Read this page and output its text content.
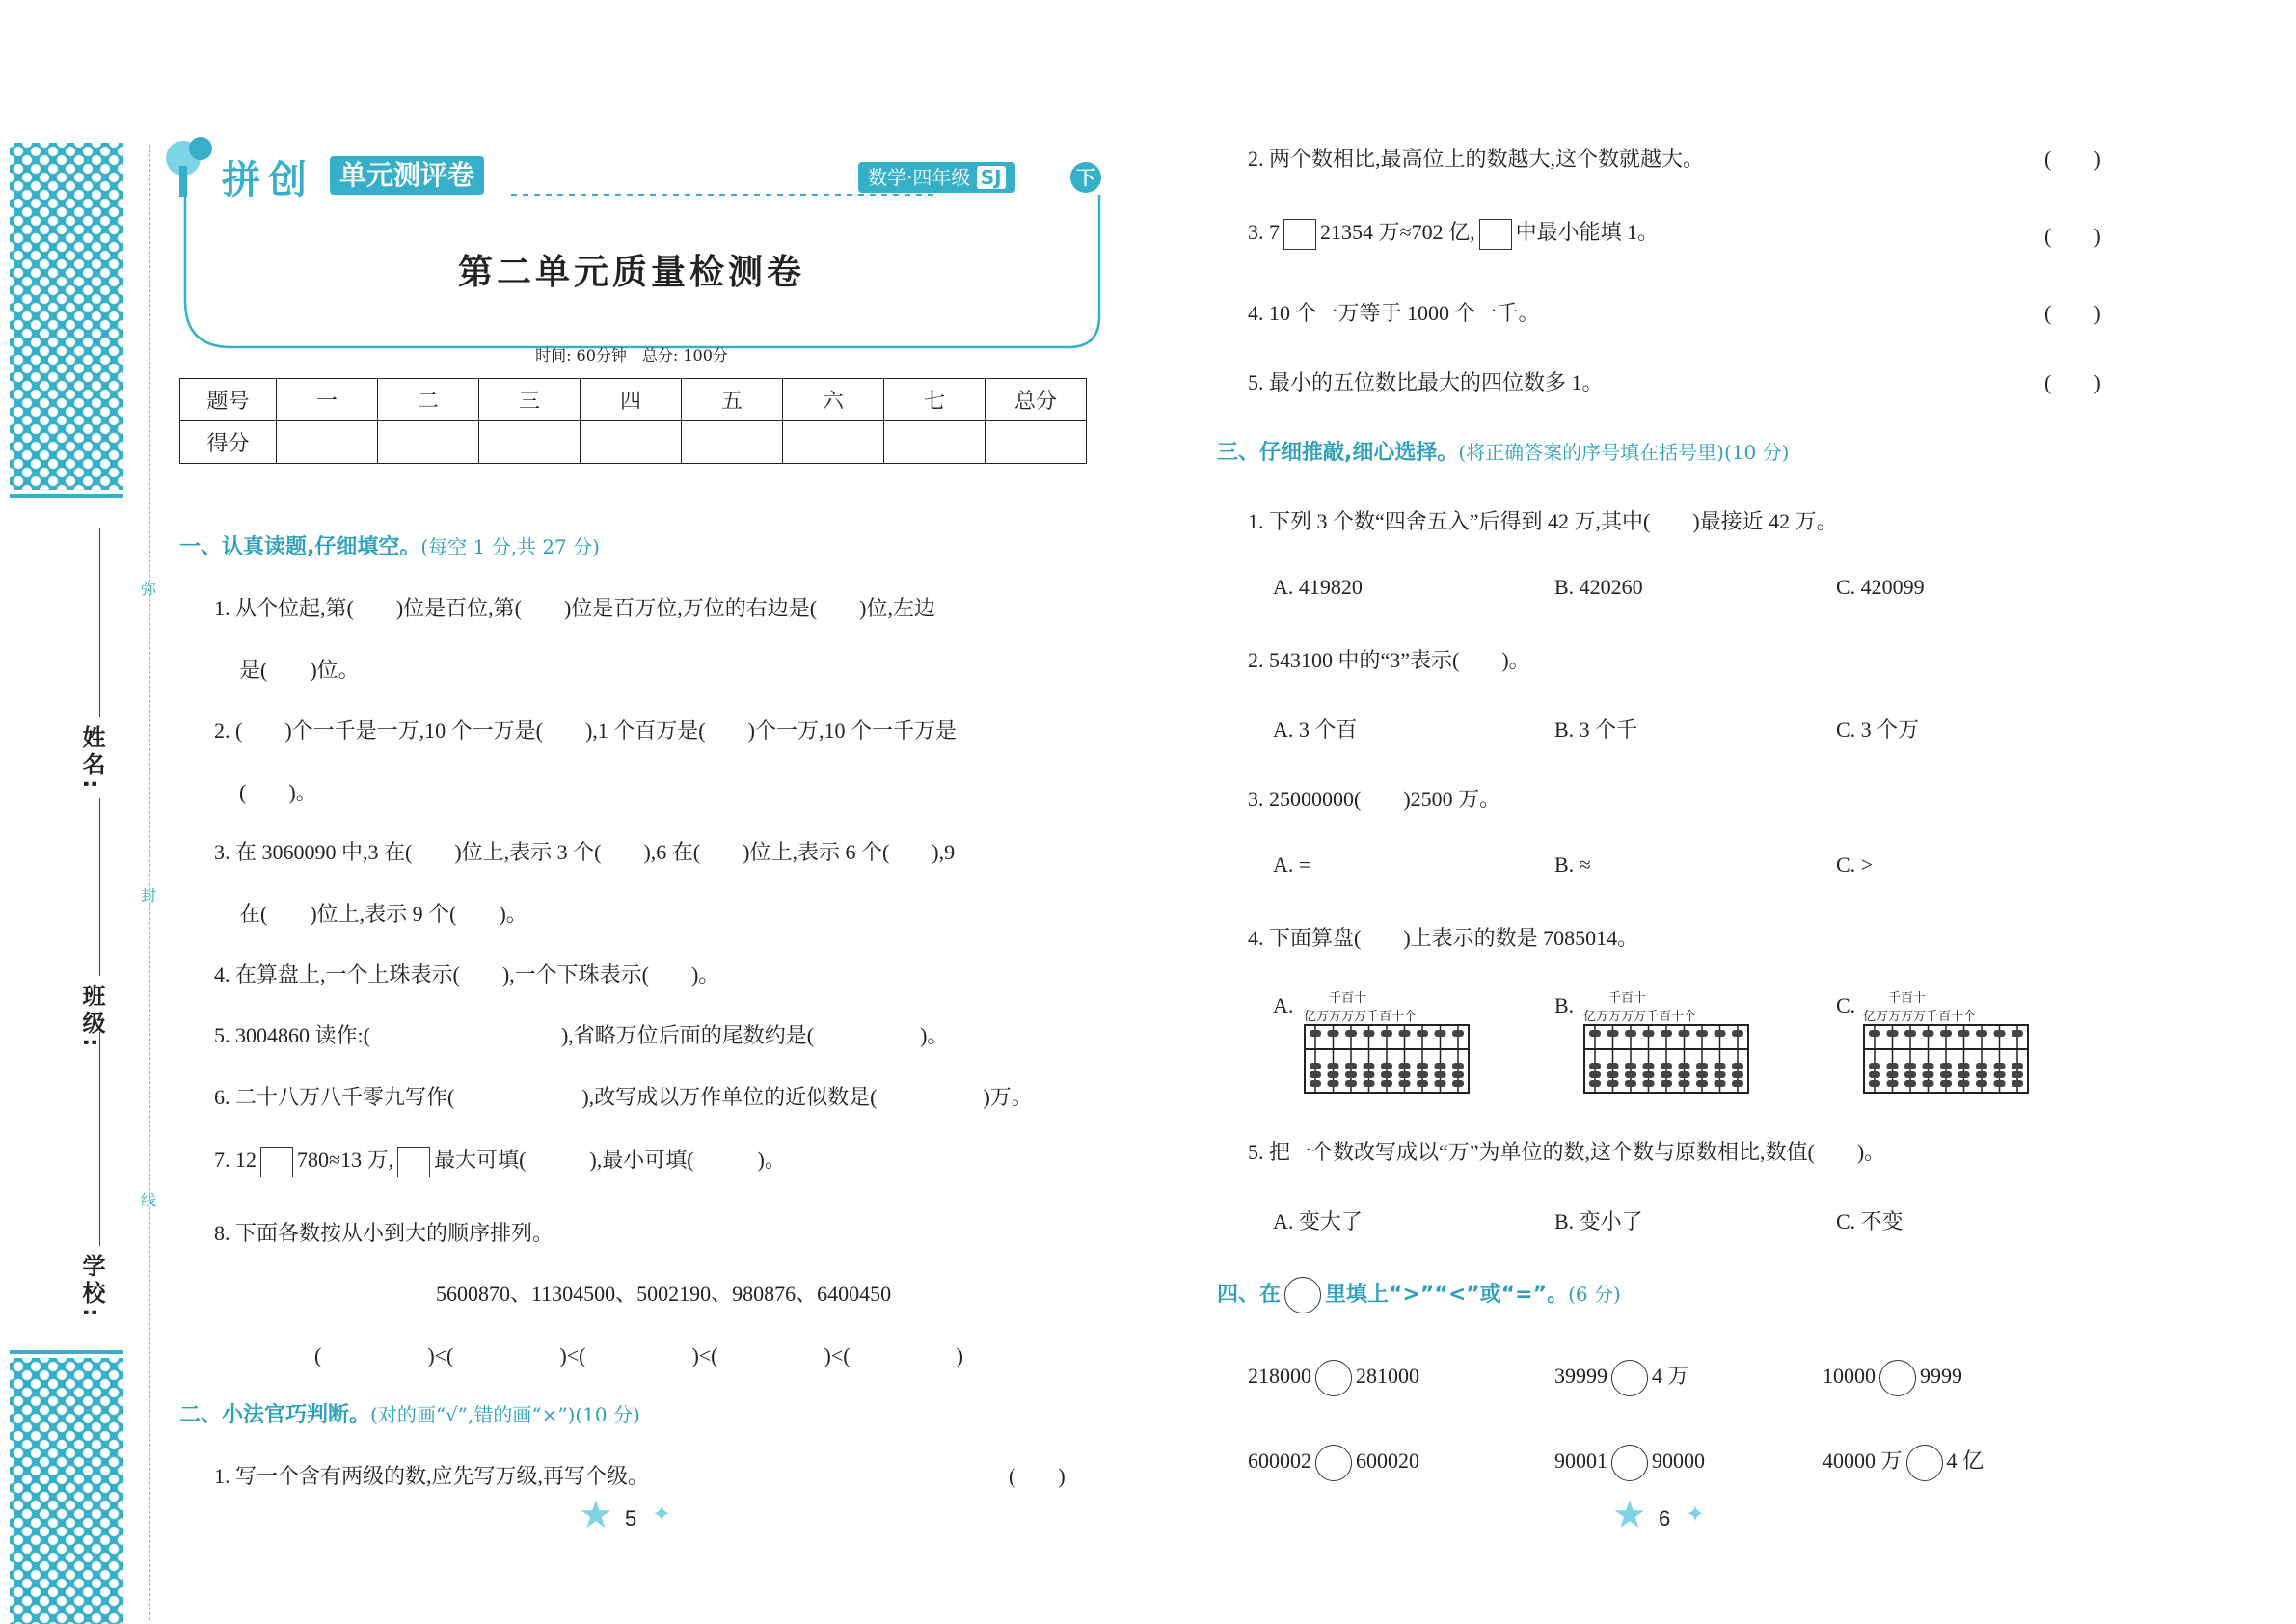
学校:
班级:
姓名:
弥
封
线
拼 创	单元测评卷	数学·四年级 SJ	下
第二单元质量检测卷
时间: 60分钟　总分: 100分
题号	一	二	三	四	五	六	七	总分
得分								
一、认真读题,仔细填空。(每空 1 分,共 27 分)
1. 从个位起,第(　　)位是百位,第(　　)位是百万位,万位的右边是(　　)位,左边
是(　　)位。
2. (　　)个一千是一万,10 个一万是(　　),1 个百万是(　　)个一万,10 个一千万是
(　　)。
3. 在 3060090 中,3 在(　　)位上,表示 3 个(　　),6 在(　　)位上,表示 6 个(　　),9
在(　　)位上,表示 9 个(　　)。
4. 在算盘上,一个上珠表示(　　),一个下珠表示(　　)。
5. 3004860 读作:(　　　　　　　　　),省略万位后面的尾数约是(　　　　　)。
6. 二十八万八千零九写作(　　　　　　),改写成以万作单位的近似数是(　　　　　)万。
7. 12 780≈13 万, 最大可填(　　　),最小可填(　　　)。
8. 下面各数按从小到大的顺序排列。
5600870、11304500、5002190、980876、6400450
(　　　　　)<(　　　　　)<(　　　　　)<(　　　　　)<(　　　　　)
二、小法官巧判断。(对的画“√”,错的画“×”)(10 分)
1. 写一个含有两级的数,应先写万级,再写个级。	(　　)
★ 5 ✦
2. 两个数相比,最高位上的数越大,这个数就越大。	(　　)
3. 7 21354 万≈702 亿, 中最小能填 1。	(　　)
4. 10 个一万等于 1000 个一千。	(　　)
5. 最小的五位数比最大的四位数多 1。	(　　)
三、仔细推敲,细心选择。(将正确答案的序号填在括号里)(10 分)
1. 下列 3 个数“四舍五入”后得到 42 万,其中(　　)最接近 42 万。
A. 419820	B. 420260	C. 420099
2. 543100 中的“3”表示(　　)。
A. 3 个百	B. 3 个千	C. 3 个万
3. 25000000(　　)2500 万。
A. =	B. ≈	C. >
4. 下面算盘(　　)上表示的数是 7085014。
A.	B.	C.
千百十
亿万万万万千百十个
千百十
亿万万万万千百十个
千百十
亿万万万万千百十个
5. 把一个数改写成以“万”为单位的数,这个数与原数相比,数值(　　)。
A. 变大了	B. 变小了	C. 不变
四、在 里填上“>”“<”或“=”。(6 分)
218000 281000	39999 4 万	10000 9999
600002 600020	90001 90000	40000 万 4 亿
★ 6 ✦
